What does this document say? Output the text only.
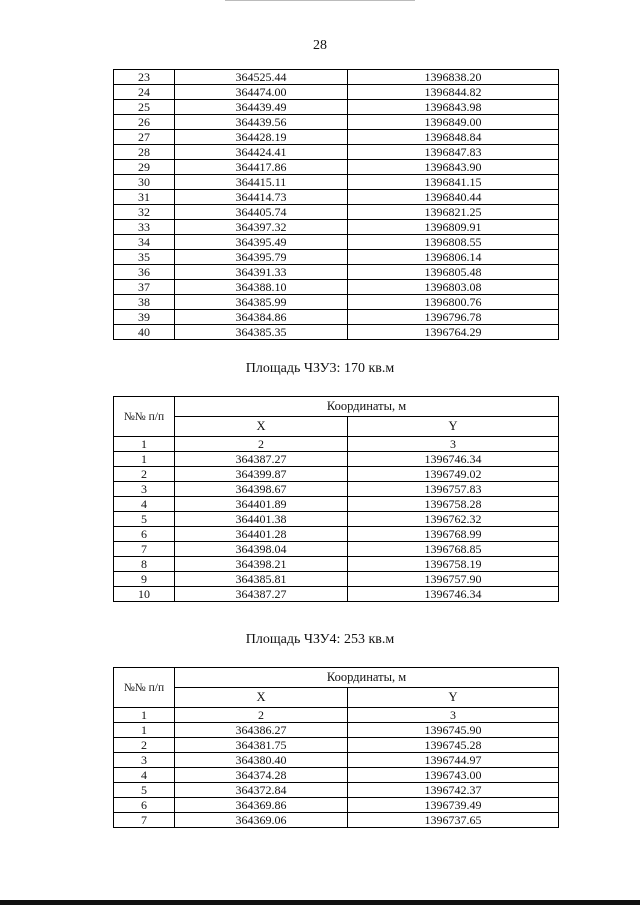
28
23	364525.44	1396838.20
24	364474.00	1396844.82
25	364439.49	1396843.98
26	364439.56	1396849.00
27	364428.19	1396848.84
28	364424.41	1396847.83
29	364417.86	1396843.90
30	364415.11	1396841.15
31	364414.73	1396840.44
32	364405.74	1396821.25
33	364397.32	1396809.91
34	364395.49	1396808.55
35	364395.79	1396806.14
36	364391.33	1396805.48
37	364388.10	1396803.08
38	364385.99	1396800.76
39	364384.86	1396796.78
40	364385.35	1396764.29
Площадь ЧЗУ3: 170 кв.м
№№ п/п	Координаты, м	
	X	Y
1	2	3
1	364387.27	1396746.34
2	364399.87	1396749.02
3	364398.67	1396757.83
4	364401.89	1396758.28
5	364401.38	1396762.32
6	364401.28	1396768.99
7	364398.04	1396768.85
8	364398.21	1396758.19
9	364385.81	1396757.90
10	364387.27	1396746.34
Площадь ЧЗУ4: 253 кв.м
№№ п/п	Координаты, м	
	X	Y
1	2	3
1	364386.27	1396745.90
2	364381.75	1396745.28
3	364380.40	1396744.97
4	364374.28	1396743.00
5	364372.84	1396742.37
6	364369.86	1396739.49
7	364369.06	1396737.65
